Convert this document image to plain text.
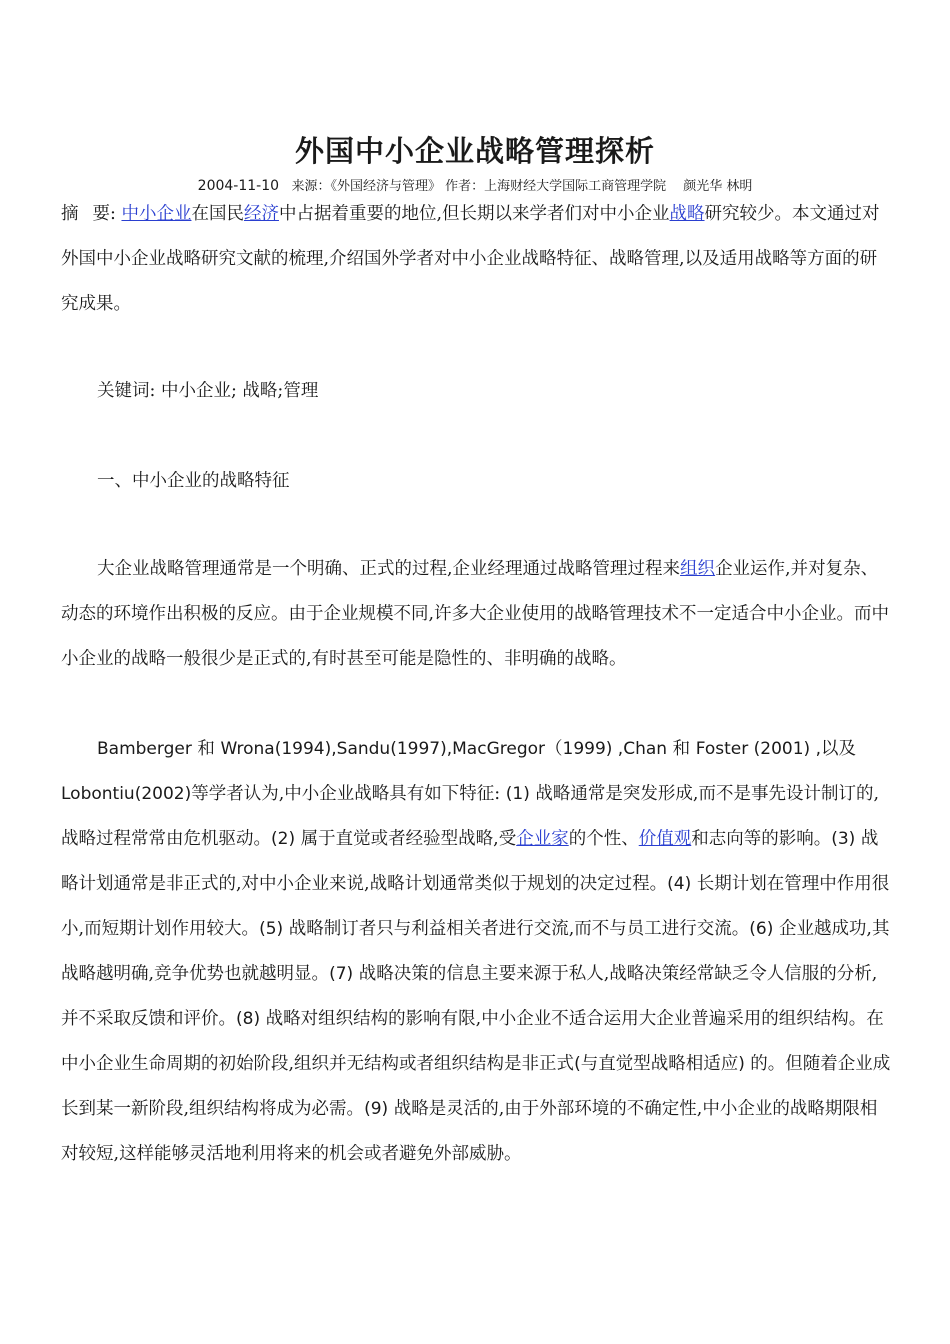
外国中小企业战略管理探析
2004-11-10 来源：《外国经济与管理》 作者：上海财经大学国际工商管理学院　 颜光华 林明
摘要: 中小企业在国民经济中占据着重要的地位,但长期以来学者们对中小企业战略研究较少。本文通过对外国中小企业战略研究文献的梳理,介绍国外学者对中小企业战略特征、战略管理,以及适用战略等方面的研究成果。
关键词: 中小企业; 战略;管理
一、中小企业的战略特征
大企业战略管理通常是一个明确、正式的过程,企业经理通过战略管理过程来组织企业运作,并对复杂、动态的环境作出积极的反应。由于企业规模不同,许多大企业使用的战略管理技术不一定适合中小企业。而中小企业的战略一般很少是正式的,有时甚至可能是隐性的、非明确的战略。
Bamberger 和 Wrona(1994),Sandu(1997),MacGregor（1999) ,Chan 和 Foster (2001) ,以及 Lobontiu(2002)等学者认为,中小企业战略具有如下特征: (1) 战略通常是突发形成,而不是事先设计制订的,战略过程常常由危机驱动。(2) 属于直觉或者经验型战略,受企业家的个性、价值观和志向等的影响。(3) 战略计划通常是非正式的,对中小企业来说,战略计划通常类似于规划的决定过程。(4) 长期计划在管理中作用很小,而短期计划作用较大。(5) 战略制订者只与利益相关者进行交流,而不与员工进行交流。(6) 企业越成功,其战略越明确,竞争优势也就越明显。(7) 战略决策的信息主要来源于私人,战略决策经常缺乏令人信服的分析,并不采取反馈和评价。(8) 战略对组织结构的影响有限,中小企业不适合运用大企业普遍采用的组织结构。在中小企业生命周期的初始阶段,组织并无结构或者组织结构是非正式(与直觉型战略相适应) 的。但随着企业成长到某一新阶段,组织结构将成为必需。(9) 战略是灵活的,由于外部环境的不确定性,中小企业的战略期限相对较短,这样能够灵活地利用将来的机会或者避免外部威胁。
